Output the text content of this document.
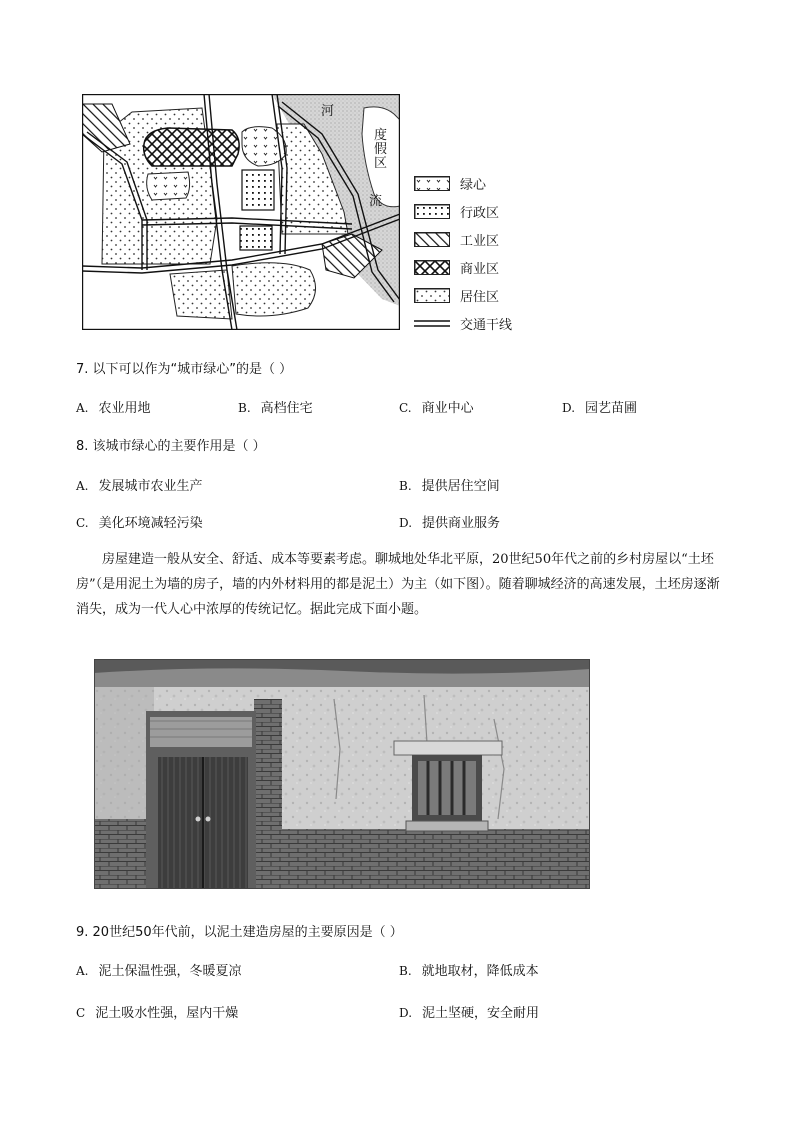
河
流
度
假
区
绿心
行政区
工业区
商业区
居住区
交通干线
7. 以下可以作为“城市绿心”的是（ ）
A. 农业用地	B. 高档住宅	C. 商业中心	D. 园艺苗圃
8. 该城市绿心的主要作用是（ ）
A. 发展城市农业生产	B. 提供居住空间
C. 美化环境减轻污染	D. 提供商业服务
房屋建造一般从安全、舒适、成本等要素考虑。聊城地处华北平原，20世纪50年代之前的乡村房屋以“土坯房”（是用泥土为墙的房子，墙的内外材料用的都是泥土）为主（如下图）。随着聊城经济的高速发展，土坯房逐渐消失，成为一代人心中浓厚的传统记忆。据此完成下面小题。
9. 20世纪50年代前，以泥土建造房屋的主要原因是（ ）
A. 泥土保温性强，冬暖夏凉	B. 就地取材，降低成本
C 泥土吸水性强，屋内干燥	D. 泥土坚硬，安全耐用
